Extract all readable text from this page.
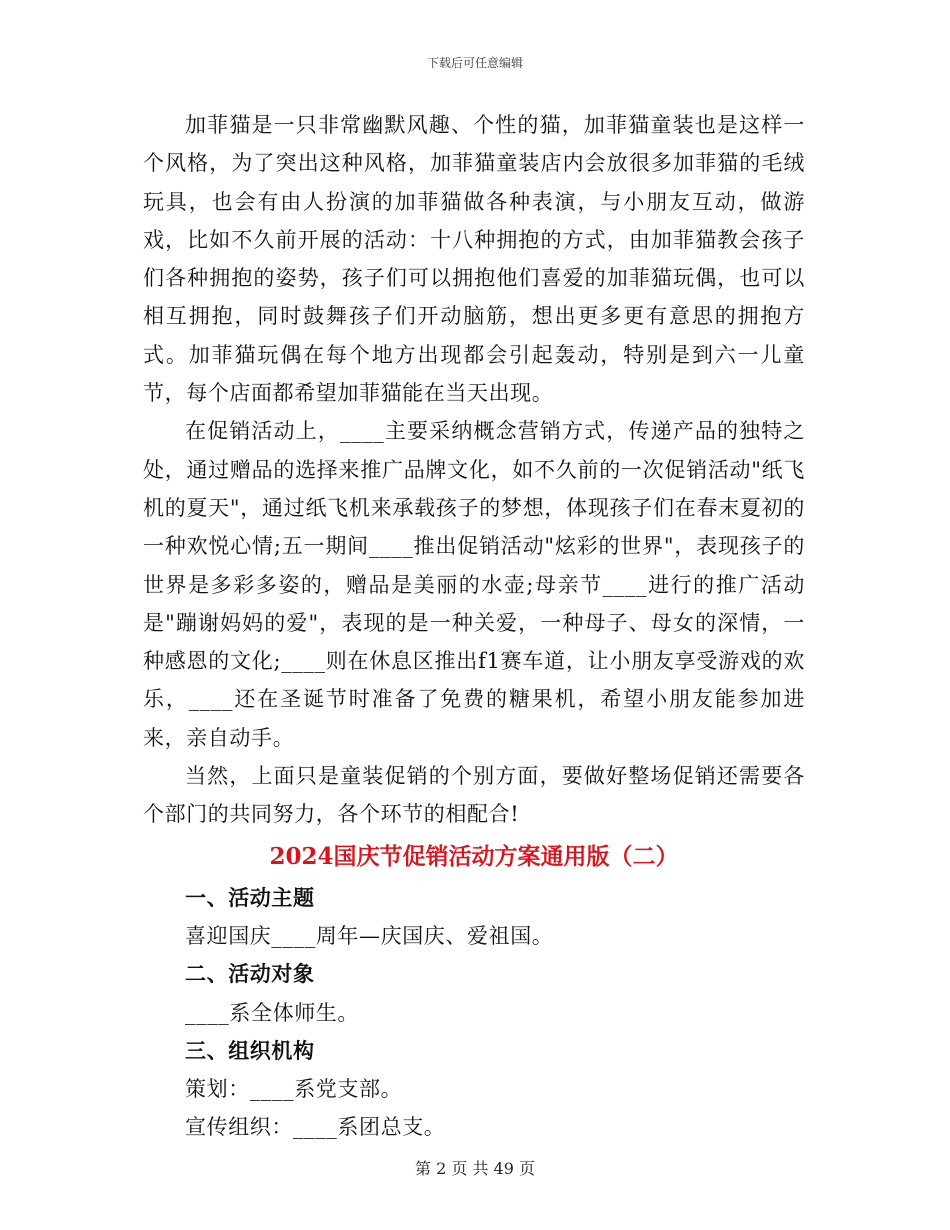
下载后可任意编辑

加菲猫是一只非常幽默风趣、个性的猫，加菲猫童装也是这样一个风格，为了突出这种风格，加菲猫童装店内会放很多加菲猫的毛绒玩具，也会有由人扮演的加菲猫做各种表演，与小朋友互动，做游戏，比如不久前开展的活动：十八种拥抱的方式，由加菲猫教会孩子们各种拥抱的姿势，孩子们可以拥抱他们喜爱的加菲猫玩偶，也可以相互拥抱，同时鼓舞孩子们开动脑筋，想出更多更有意思的拥抱方式。加菲猫玩偶在每个地方出现都会引起轰动，特别是到六一儿童节，每个店面都希望加菲猫能在当天出现。

在促销活动上，____主要采纳概念营销方式，传递产品的独特之处，通过赠品的选择来推广品牌文化，如不久前的一次促销活动"纸飞机的夏天"，通过纸飞机来承载孩子的梦想，体现孩子们在春末夏初的一种欢悦心情;五一期间____推出促销活动"炫彩的世界"，表现孩子的世界是多彩多姿的，赠品是美丽的水壶;母亲节____进行的推广活动是"蹦谢妈妈的爱"，表现的是一种关爱，一种母子、母女的深情，一种感恩的文化;____则在休息区推出f1赛车道，让小朋友享受游戏的欢乐，____还在圣诞节时准备了免费的糖果机，希望小朋友能参加进来，亲自动手。

当然，上面只是童装促销的个别方面，要做好整场促销还需要各个部门的共同努力，各个环节的相配合!

2024国庆节促销活动方案通用版（二）
一、活动主题

喜迎国庆____周年—庆国庆、爱祖国。

二、活动对象

____系全体师生。

三、组织机构

策划：____系党支部。

宣传组织：____系团总支。

第 2 页 共 49 页
